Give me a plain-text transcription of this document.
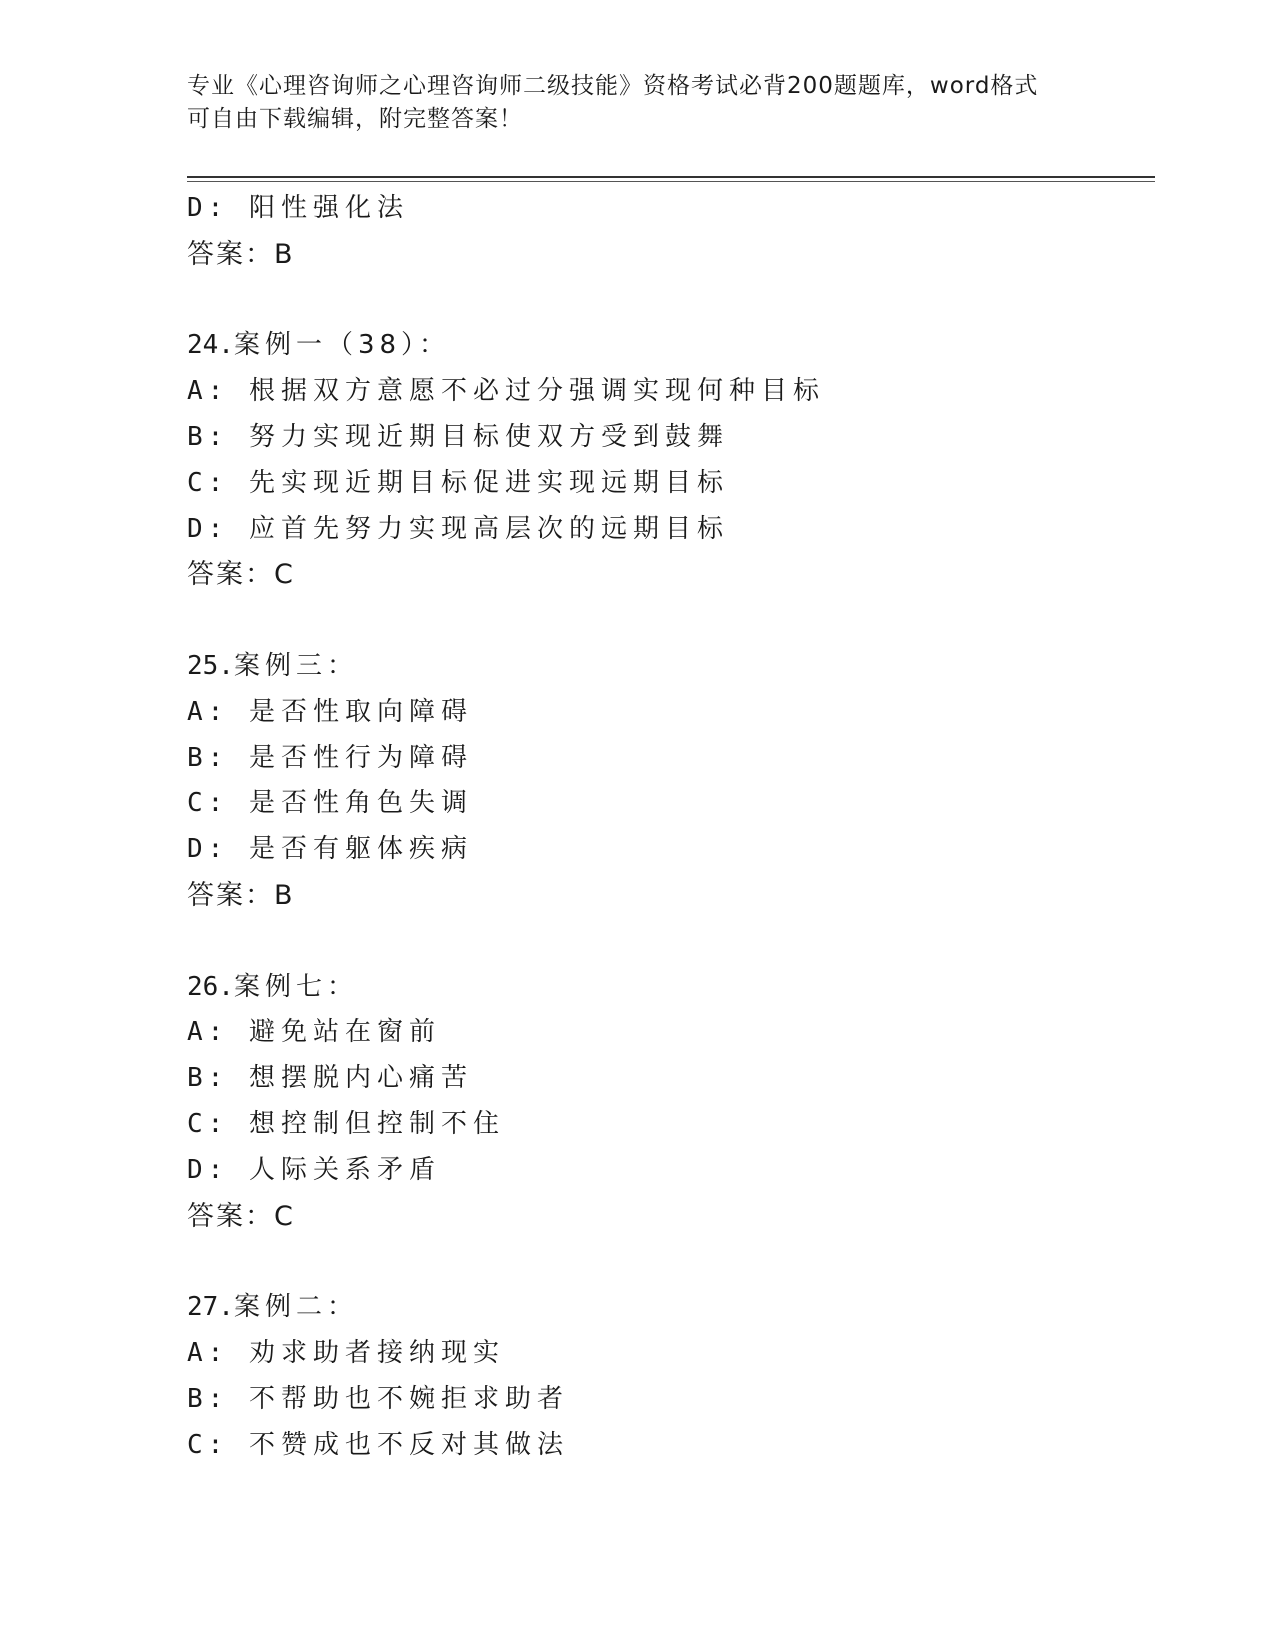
专业《心理咨询师之心理咨询师二级技能》资格考试必背200题题库，word格式
可自由下载编辑，附完整答案！
D: 阳性强化法
答案：B
24.案例一（38）：
A: 根据双方意愿不必过分强调实现何种目标
B: 努力实现近期目标使双方受到鼓舞
C: 先实现近期目标促进实现远期目标
D: 应首先努力实现高层次的远期目标
答案：C
25.案例三：
A: 是否性取向障碍
B: 是否性行为障碍
C: 是否性角色失调
D: 是否有躯体疾病
答案：B
26.案例七：
A: 避免站在窗前
B: 想摆脱内心痛苦
C: 想控制但控制不住
D: 人际关系矛盾
答案：C
27.案例二：
A: 劝求助者接纳现实
B: 不帮助也不婉拒求助者
C: 不赞成也不反对其做法
